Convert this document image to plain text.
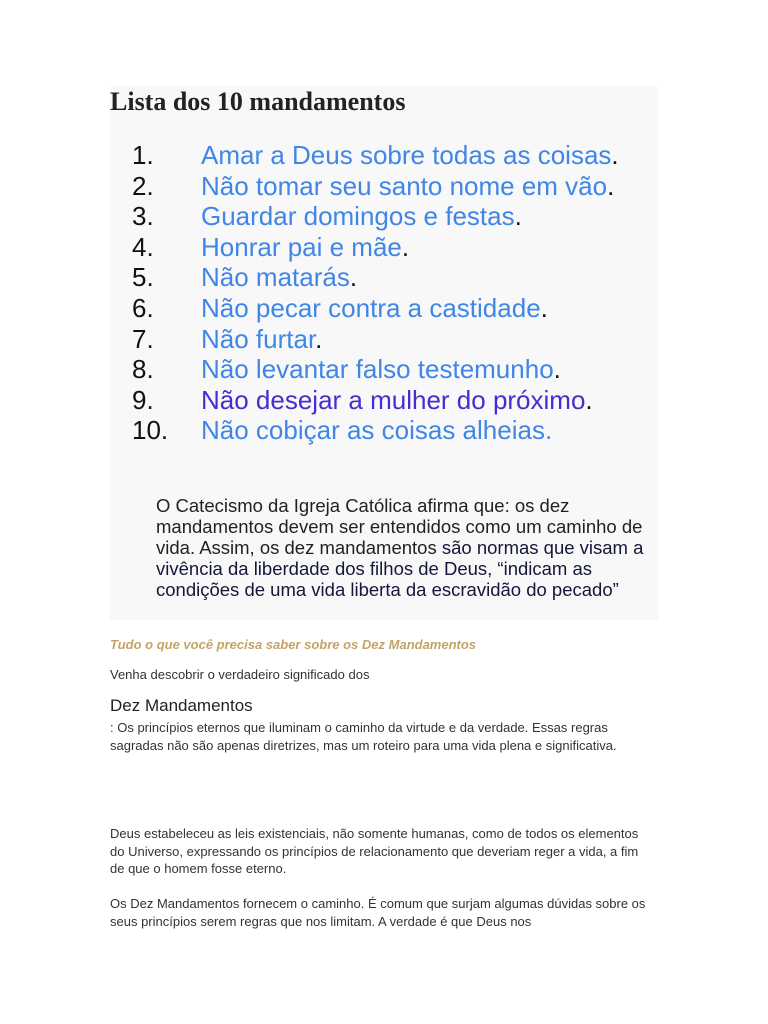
Lista dos 10 mandamentos
1. Amar a Deus sobre todas as coisas.
2. Não tomar seu santo nome em vão.
3. Guardar domingos e festas.
4. Honrar pai e mãe.
5. Não matarás.
6. Não pecar contra a castidade.
7. Não furtar.
8. Não levantar falso testemunho.
9. Não desejar a mulher do próximo.
10. Não cobiçar as coisas alheias.

O Catecismo da Igreja Católica afirma que: os dez mandamentos devem ser entendidos como um caminho de vida. Assim, os dez mandamentos são normas que visam a vivência da liberdade dos filhos de Deus, “indicam as condições de uma vida liberta da escravidão do pecado”

Tudo o que você precisa saber sobre os Dez Mandamentos

Venha descobrir o verdadeiro significado dos

Dez Mandamentos

: Os princípios eternos que iluminam o caminho da virtude e da verdade. Essas regras sagradas não são apenas diretrizes, mas um roteiro para uma vida plena e significativa.

Deus estabeleceu as leis existenciais, não somente humanas, como de todos os elementos do Universo, expressando os princípios de relacionamento que deveriam reger a vida, a fim de que o homem fosse eterno.

Os Dez Mandamentos fornecem o caminho. É comum que surjam algumas dúvidas sobre os seus princípios serem regras que nos limitam. A verdade é que Deus nos
